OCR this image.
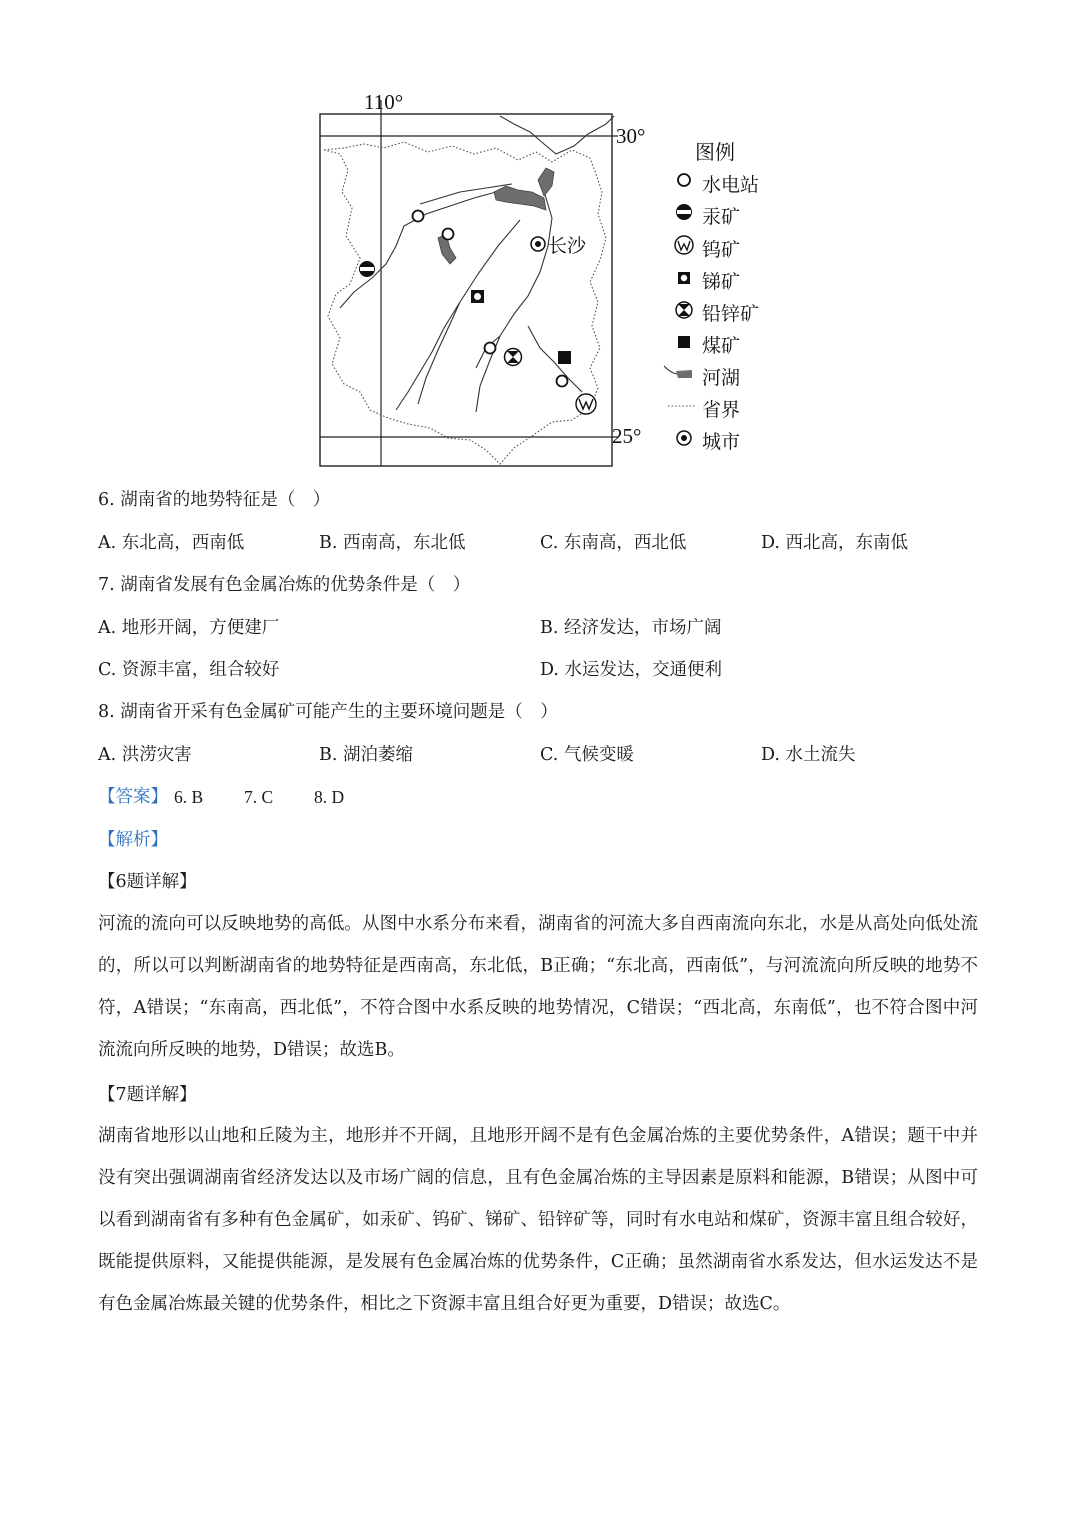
110°
30°
25°
长沙
图例
水电站
汞矿
钨矿
锑矿
铅锌矿
煤矿
河湖
省界
城市
6. 湖南省的地势特征是（　）
A. 东北高，西南低	B. 西南高，东北低	C. 东南高，西北低	D. 西北高，东南低
7. 湖南省发展有色金属冶炼的优势条件是（　）
A. 地形开阔，方便建厂	B. 经济发达，市场广阔
C. 资源丰富，组合较好	D. 水运发达，交通便利
8. 湖南省开采有色金属矿可能产生的主要环境问题是（　）
A. 洪涝灾害	B. 湖泊萎缩	C. 气候变暖	D. 水土流失
【答案】 6. B 7. C 8. D
【解析】
【6题详解】
河流的流向可以反映地势的高低。从图中水系分布来看，湖南省的河流大多自西南流向东北，水是从高处向低处流的，所以可以判断湖南省的地势特征是西南高，东北低，B正确；“东北高，西南低”，与河流流向所反映的地势不符，A错误；“东南高，西北低”，不符合图中水系反映的地势情况，C错误；“西北高，东南低”，也不符合图中河流流向所反映的地势，D错误；故选B。
【7题详解】
湖南省地形以山地和丘陵为主，地形并不开阔，且地形开阔不是有色金属冶炼的主要优势条件，A错误；题干中并没有突出强调湖南省经济发达以及市场广阔的信息，且有色金属冶炼的主导因素是原料和能源，B错误；从图中可以看到湖南省有多种有色金属矿，如汞矿、钨矿、锑矿、铅锌矿等，同时有水电站和煤矿，资源丰富且组合较好，既能提供原料，又能提供能源，是发展有色金属冶炼的优势条件，C正确；虽然湖南省水系发达，但水运发达不是有色金属冶炼最关键的优势条件，相比之下资源丰富且组合好更为重要，D错误；故选C。
